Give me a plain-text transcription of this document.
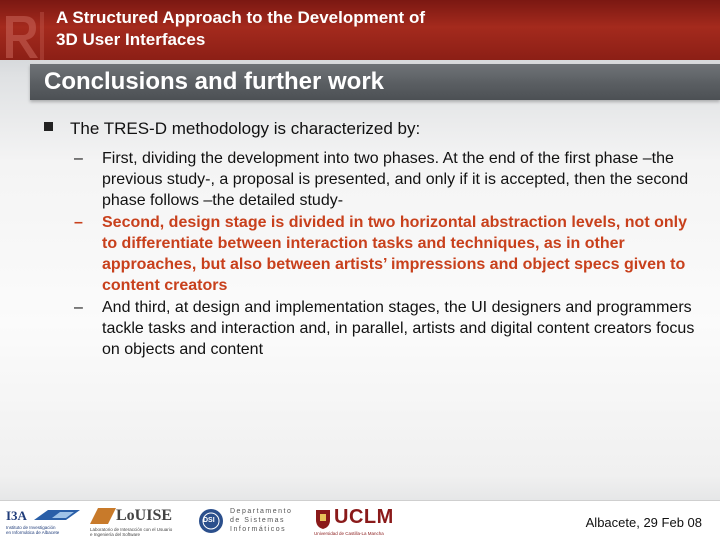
A Structured Approach to the Development of
3D User Interfaces
Conclusions and further work
The TRES-D methodology is characterized by:
– First, dividing the development into two phases. At the end of the first phase –the previous study-, a proposal is presented, and only if it is accepted, then the second phase follows –the detailed study-
– Second, design stage is divided in two horizontal abstraction levels, not only to differentiate between interaction tasks and techniques, as in other approaches, but also between artists’ impressions and object specs given to content creators
– And third, at design and implementation stages, the UI designers and programmers tackle tasks and interaction and, in parallel, artists and digital content creators focus on objects and content
I3A
Instituto de Investigación
en Informática de Albacete
LoUISE
Laboratorio de Interacción con el Usuario
e Ingeniería del Software
DSI
Departamento
de Sistemas
Informáticos
UCLM
Universidad de Castilla-La Mancha
Albacete, 29 Feb 08
